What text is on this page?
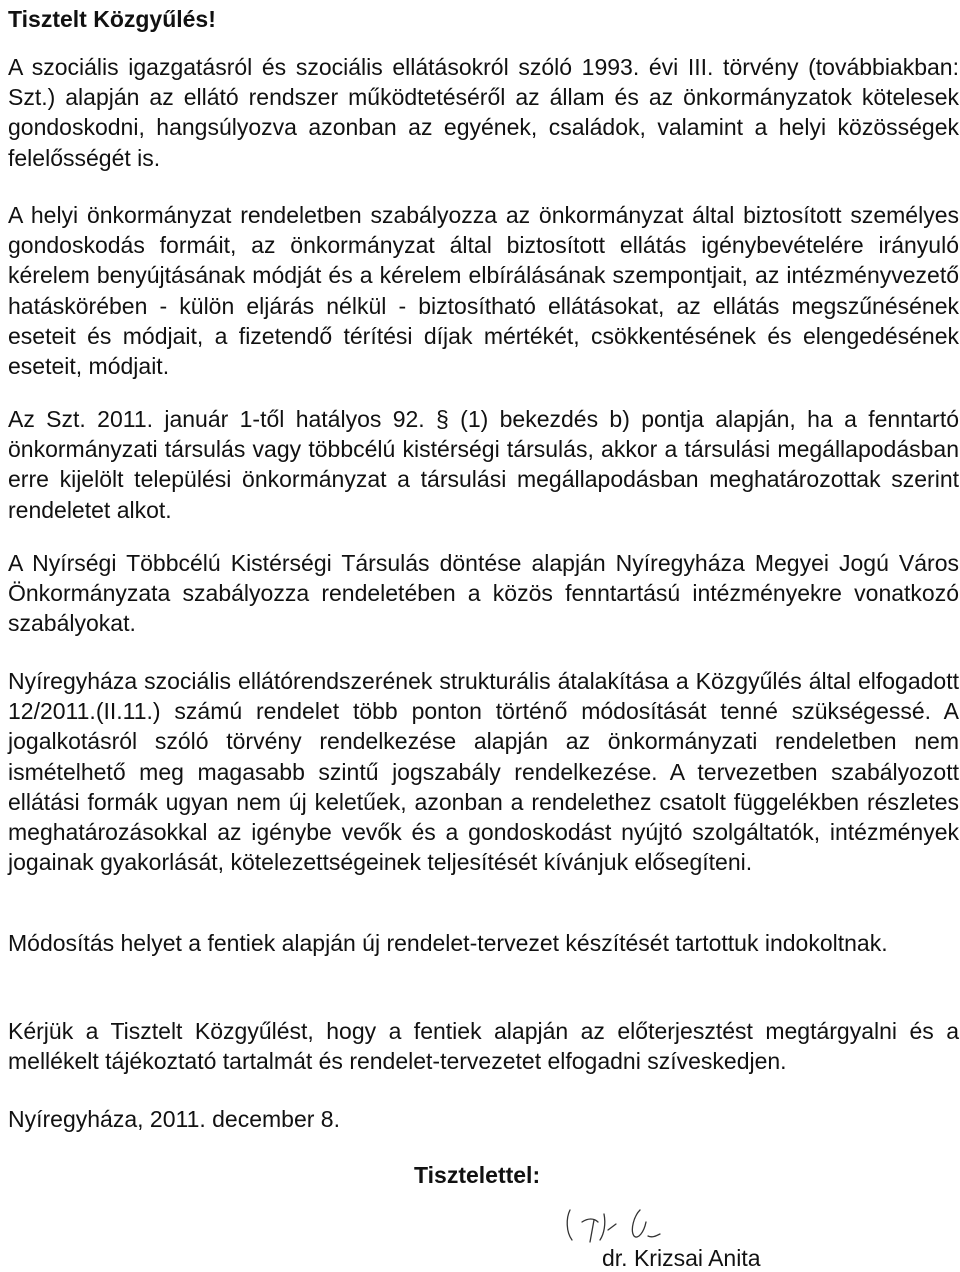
Tisztelt Közgyűlés!

A szociális igazgatásról és szociális ellátásokról szóló 1993. évi III. törvény (továbbiakban: Szt.) alapján az ellátó rendszer működtetéséről az állam és az önkormányzatok kötelesek gondoskodni, hangsúlyozva azonban az egyének, családok, valamint a helyi közösségek felelősségét is.

A helyi önkormányzat rendeletben szabályozza az önkormányzat által biztosított személyes gondoskodás formáit, az önkormányzat által biztosított ellátás igénybevételére irányuló kérelem benyújtásának módját és a kérelem elbírálásának szempontjait, az intézményvezető hatáskörében - külön eljárás nélkül - biztosítható ellátásokat, az ellátás megszűnésének eseteit és módjait, a fizetendő térítési díjak mértékét, csökkentésének és elengedésének eseteit, módjait.

Az Szt. 2011. január 1-től hatályos 92. § (1) bekezdés b) pontja alapján, ha a fenntartó önkormányzati társulás vagy többcélú kistérségi társulás, akkor a társulási megállapodásban erre kijelölt települési önkormányzat a társulási megállapodásban meghatározottak szerint rendeletet alkot.

A Nyírségi Többcélú Kistérségi Társulás döntése alapján Nyíregyháza Megyei Jogú Város Önkormányzata szabályozza rendeletében a közös fenntartású intézményekre vonatkozó szabályokat.

Nyíregyháza szociális ellátórendszerének strukturális átalakítása a Közgyűlés által elfogadott 12/2011.(II.11.) számú rendelet több ponton történő módosítását tenné szükségessé. A jogalkotásról szóló törvény rendelkezése alapján az önkormányzati rendeletben nem ismételhető meg magasabb szintű jogszabály rendelkezése. A tervezetben szabályozott ellátási formák ugyan nem új keletűek, azonban a rendelethez csatolt függelékben részletes meghatározásokkal az igénybe vevők és a gondoskodást nyújtó szolgáltatók, intézmények jogainak gyakorlását, kötelezettségeinek teljesítését kívánjuk elősegíteni.

Módosítás helyet a fentiek alapján új rendelet-tervezet készítését tartottuk indokoltnak.

Kérjük a Tisztelt Közgyűlést, hogy a fentiek alapján az előterjesztést megtárgyalni és a mellékelt tájékoztató tartalmát és rendelet-tervezetet elfogadni szíveskedjen.

Nyíregyháza, 2011. december 8.

Tisztelettel:

dr. Krizsai Anita
